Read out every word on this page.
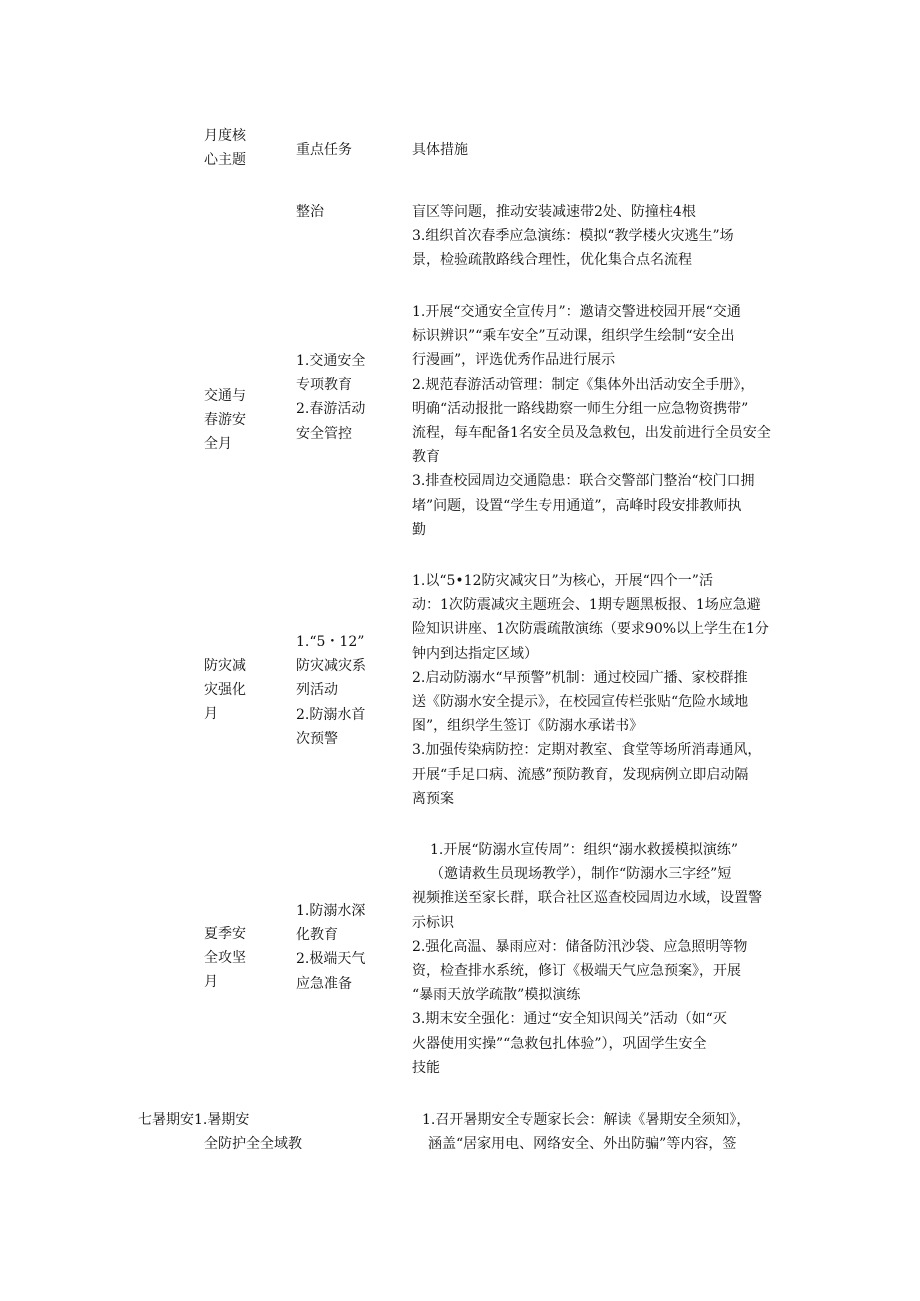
月度核
心主题
重点任务	具体措施
整治	盲区等问题，推动安装减速带2处、防撞柱4根
3.组织首次春季应急演练：模拟“教学楼火灾逃生”场
景，检验疏散路线合理性，优化集合点名流程
交通与
春游安
全月
1.交通安全
专项教育
2.春游活动
安全管控
1.开展“交通安全宣传月”：邀请交警进校园开展“交通
标识辨识”“乘车安全”互动课，组织学生绘制“安全出
行漫画”，评选优秀作品进行展示
2.规范春游活动管理：制定《集体外出活动安全手册》，
明确“活动报批一路线勘察一师生分组一应急物资携带”
流程，每车配备1名安全员及急救包，出发前进行全员安全
教育
3.排查校园周边交通隐患：联合交警部门整治“校门口拥
堵”问题，设置“学生专用通道”，高峰时段安排教师执
勤
防灾减
灾强化
月
1.“5・12”
防灾减灾系
列活动
2.防溺水首
次预警
1.以“5•12防灾减灾日”为核心，开展“四个一”活
动：1次防震减灾主题班会、1期专题黑板报、1场应急避
险知识讲座、1次防震疏散演练（要求90%以上学生在1分
钟内到达指定区域）
2.启动防溺水“早预警”机制：通过校园广播、家校群推
送《防溺水安全提示》，在校园宣传栏张贴“危险水域地
图”，组织学生签订《防溺水承诺书》
3.加强传染病防控：定期对教室、食堂等场所消毒通风，
开展“手足口病、流感”预防教育，发现病例立即启动隔
离预案
夏季安
全攻坚
月
1.防溺水深
化教育
2.极端天气
应急准备
1.开展“防溺水宣传周”：组织“溺水救援模拟演练”
（邀请救生员现场教学），制作“防溺水三字经”短
视频推送至家长群，联合社区巡查校园周边水域，设置警
示标识
2.强化高温、暴雨应对：储备防汛沙袋、应急照明等物
资，检查排水系统，修订《极端天气应急预案》，开展
“暴雨天放学疏散”模拟演练
3.期末安全强化：通过“安全知识闯关”活动（如“灭
火器使用实操”“急救包扎体验”），巩固学生安全
技能
七暑期安1.暑期安
全防护全全域教
1.召开暑期安全专题家长会：解读《暑期安全须知》，
涵盖“居家用电、网络安全、外出防骗”等内容，签
